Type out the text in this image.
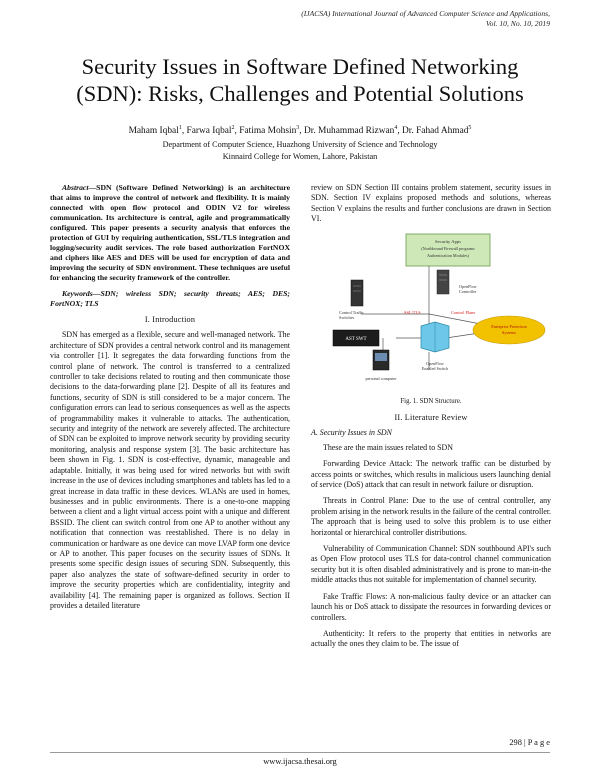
(IJACSA) International Journal of Advanced Computer Science and Applications,
Vol. 10, No. 10, 2019
Security Issues in Software Defined Networking
(SDN): Risks, Challenges and Potential Solutions
Maham Iqbal$^1$, Farwa Iqbal$^2$, Fatima Mohsin$^3$, Dr. Muhammad Rizwan$^4$, Dr. Fahad Ahmad$^5$
Department of Computer Science, Huazhong University of Science and Technology
Kinnaird College for Women, Lahore, Pakistan

Abstract—SDN (Software Defined Networking) is an architecture that aims to improve the control of network and flexibility. It is mainly connected with open flow protocol and ODIN V2 for wireless communication. Its architecture is central, agile and programmatically configured. This paper presents a security analysis that enforces the protection of GUI by requiring authentication, SSL/TLS integration and logging/security audit services. The role based authorization FortNOX and ciphers like AES and DES will be used for encryption of data and improving the security of SDN environment. These techniques are useful for enhancing the security framework of the controller.

Keywords—SDN; wireless SDN; security threats; AES; DES; FortNOX; TLS

I. Introduction

SDN has emerged as a flexible, secure and well-managed network. The architecture of SDN provides a central network control and its management via controller [1]. It segregates the data forwarding functions from the control plane of network. The control is transferred to a centralized controller to take decisions related to routing and then communicate those decisions to the data-forwarding plane [2]. Despite of all its features and functions, security of SDN is still considered to be a major concern. The configuration errors can lead to serious consequences as well as the aspects of programmability makes it vulnerable to attacks. The authentication, security and integrity of the network are severely affected. The architecture of SDN can be exploited to improve network security by providing security monitoring, analysis and response system [3]. The basic architecture has been shown in Fig. 1. SDN is cost-effective, dynamic, manageable and adaptable. Initially, it was being used for wired networks but with swift increase in the use of devices including smartphones and tablets has led to a great increase in data traffic in these devices. WLANs are used in homes, businesses and in public environments. There is a one-to-one mapping between a client and a light virtual access point with a unique and different BSSID. The client can switch control from one AP to another without any notification that connection was reestablished. There is no delay in communication or hardware as one device can move LVAP form one device or AP to another. This paper focuses on the security issues of SDNs. It presents some specific design issues of securing SDN. Subsequently, this paper also analyzes the state of software-defined security in order to improve the security properties which are confidentiality, integrity and availability [4]. The remaining paper is organized as follows. Section II provides a detailed literature

review on SDN Section III contains problem statement, security issues in SDN. Section IV explains proposed methods and solutions, whereas Section V explains the results and further conclusions are drawn in Section VI.

Security Apps
(Northbound Firewall programs
Authentication Modules)
OpenFlow
Controller
Control Traffic
Switches
SSL/TLS	Control Plane
Enterprise Protection
Systems
AST SWT
OpenFlow
Enabled Switch
personal computer
Fig. 1. SDN Structure.
II. Literature Review
A. Security Issues in SDN

These are the main issues related to SDN

Forwarding Device Attack: The network traffic can be disturbed by access points or switches, which results in malicious users launching denial of service (DoS) attack that can result in network failure or disruption.

Threats in Control Plane: Due to the use of central controller, any problem arising in the network results in the failure of the central controller. The approach that is being used to solve this problem is to use either horizontal or hierarchical controller distributions.

Vulnerability of Communication Channel: SDN southbound API's such as Open Flow protocol uses TLS for data-control channel communication security but it is often disabled administratively and is prone to man-in-the middle attacks thus not suitable for implementation of channel security.

Fake Traffic Flows: A non-malicious faulty device or an attacker can launch his or DoS attack to dissipate the resources in forwarding devices or controllers.

Authenticity: It refers to the property that entities in networks are actually the ones they claim to be. The issue of

298 | P a g e
www.ijacsa.thesai.org
